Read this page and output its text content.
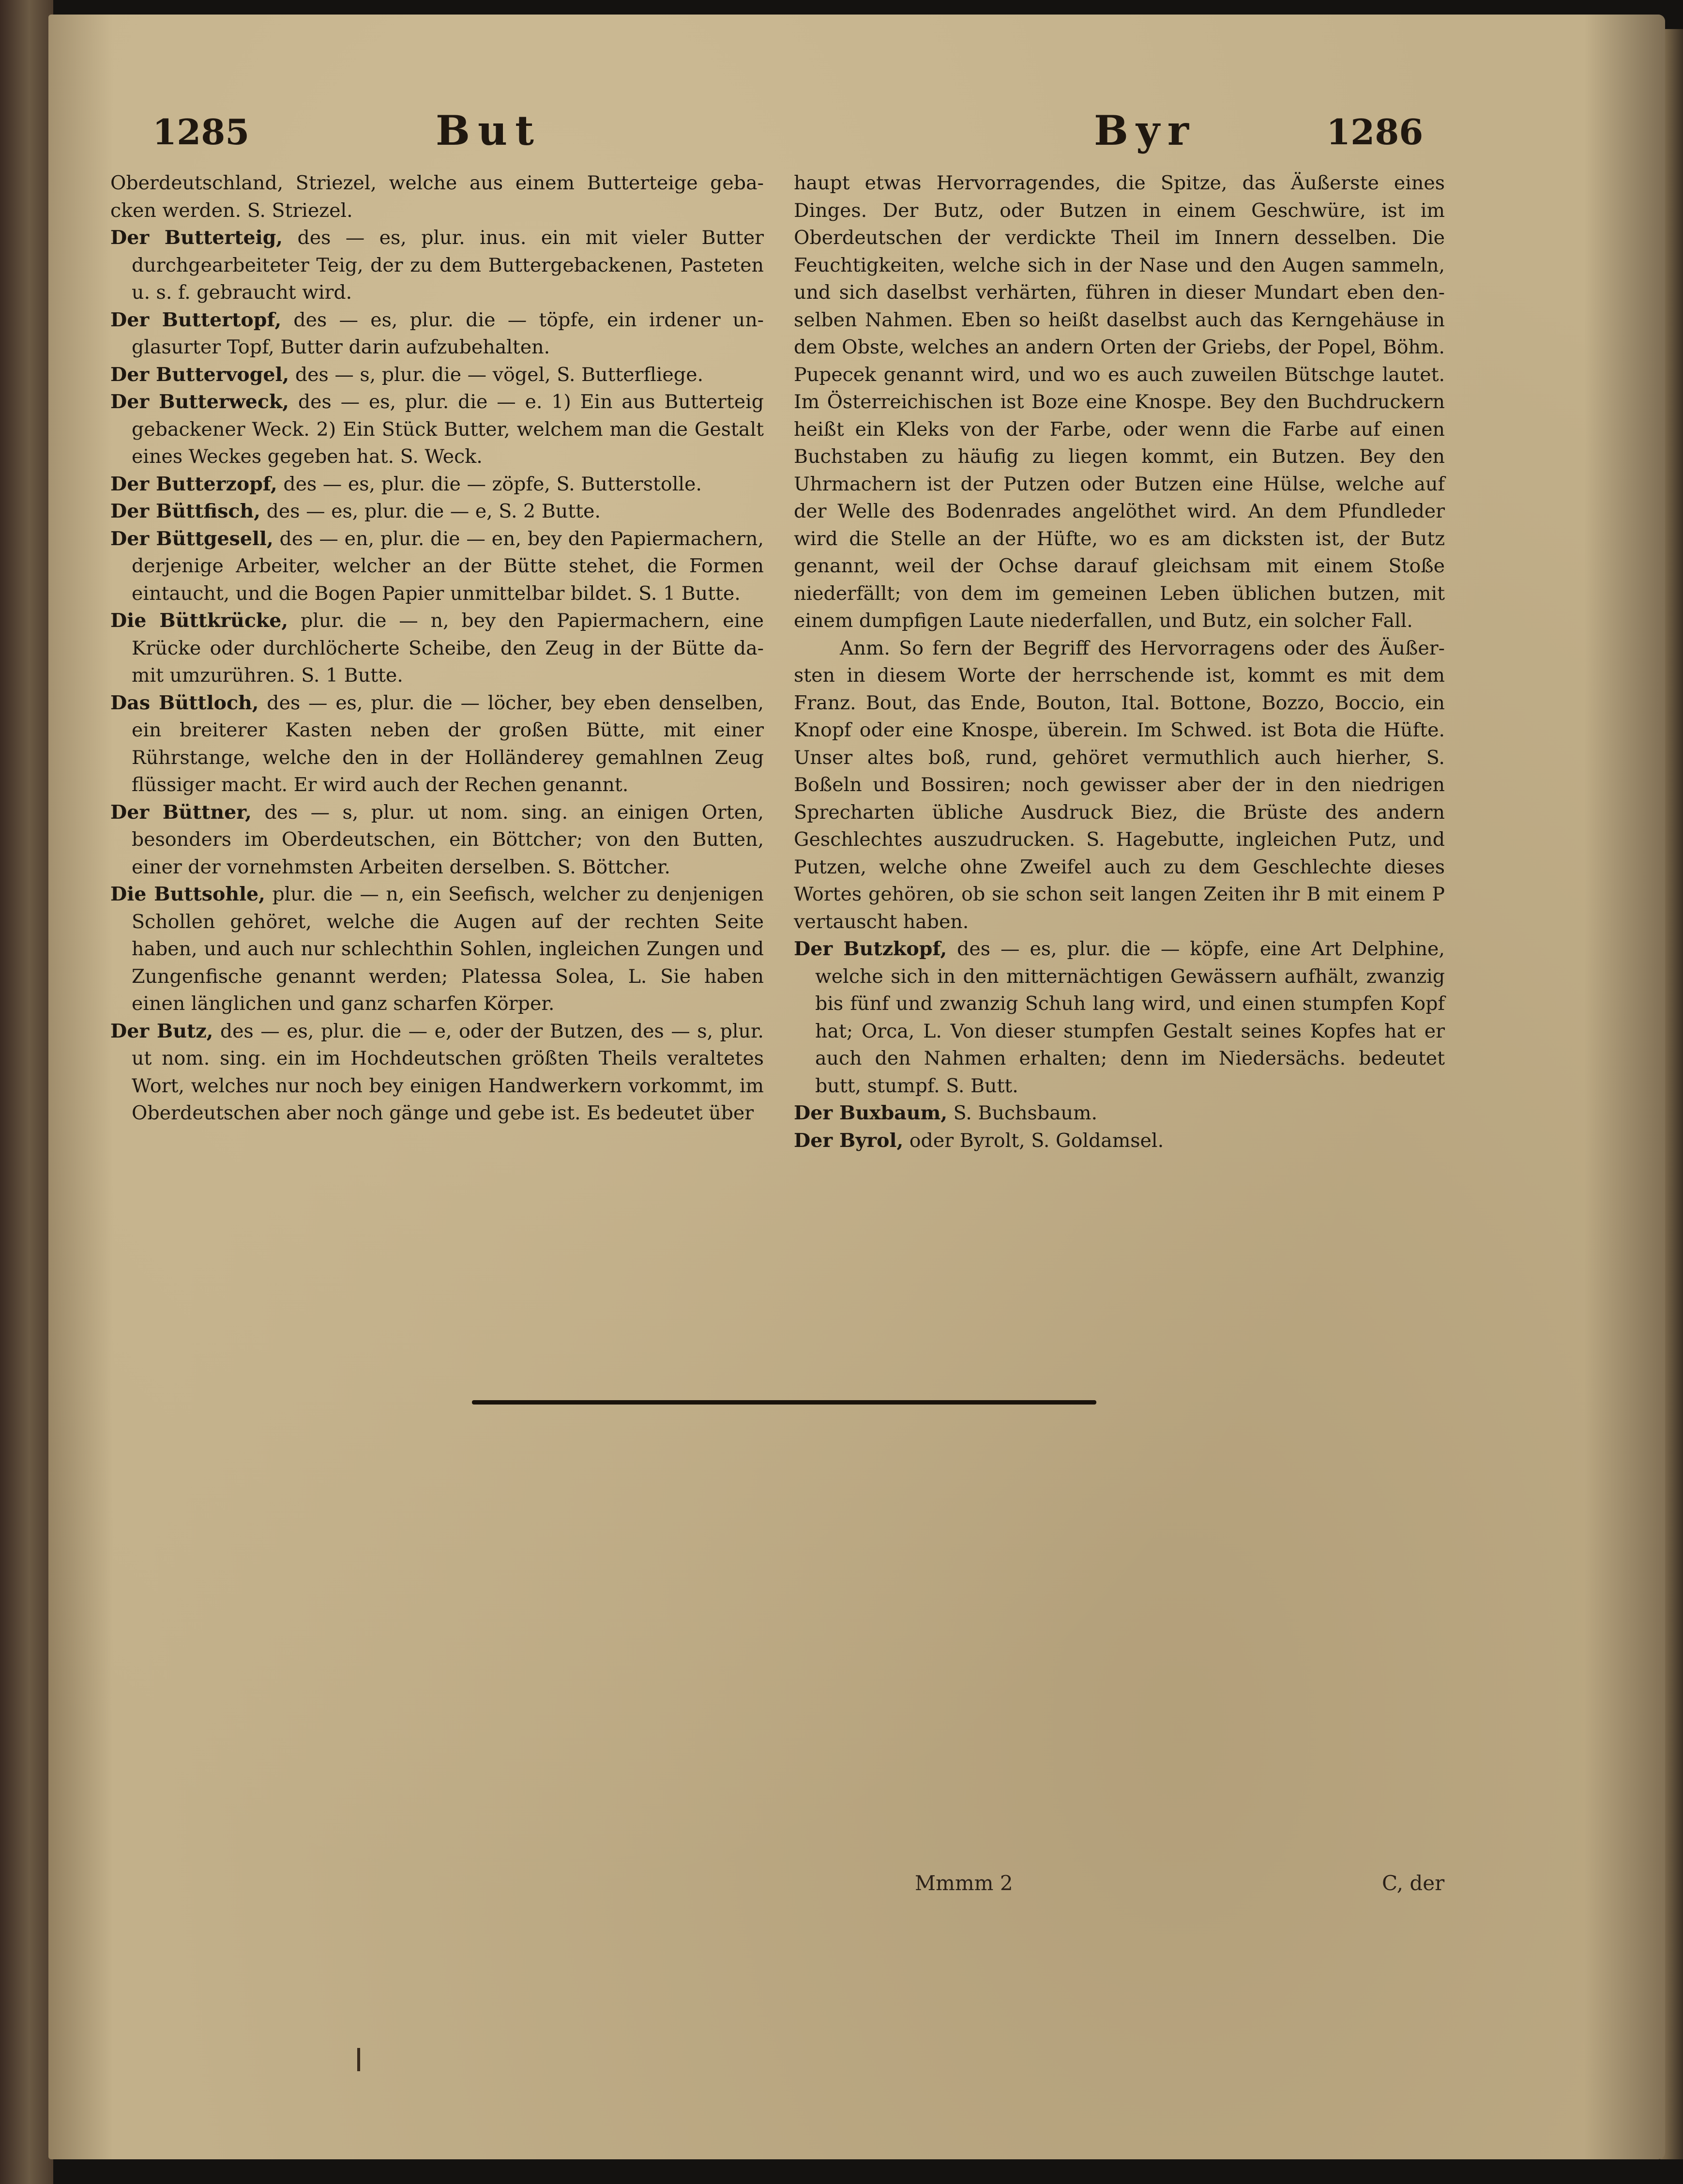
1285	But	Byr	1286

Oberdeutschland, Striezel, welche aus einem Butterteige gebacken werden. S. Striezel.

Der Butterteig, des — es, plur. inus. ein mit vieler Butter durchgearbeiteter Teig, der zu dem Buttergebackenen, Pasteten u. s. f. gebraucht wird.

Der Buttertopf, des — es, plur. die — töpfe, ein irdener unglasurter Topf, Butter darin aufzubehalten.

Der Buttervogel, des — s, plur. die — vögel, S. Butterfliege.

Der Butterweck, des — es, plur. die — e. 1) Ein aus Butterteig gebackener Weck. 2) Ein Stück Butter, welchem man die Gestalt eines Weckes gegeben hat. S. Weck.

Der Butterzopf, des — es, plur. die — zöpfe, S. Butterstolle.

Der Büttfisch, des — es, plur. die — e, S. 2 Butte.

Der Büttgesell, des — en, plur. die — en, bey den Papiermachern, derjenige Arbeiter, welcher an der Bütte stehet, die Formen eintaucht, und die Bogen Papier unmittelbar bildet. S. 1 Butte.

Die Büttkrücke, plur. die — n, bey den Papiermachern, eine Krücke oder durchlöcherte Scheibe, den Zeug in der Bütte damit umzurühren. S. 1 Butte.

Das Büttloch, des — es, plur. die — löcher, bey eben denselben, ein breiterer Kasten neben der großen Bütte, mit einer Rührstange, welche den in der Holländerey gemahlnen Zeug flüssiger macht. Er wird auch der Rechen genannt.

Der Büttner, des — s, plur. ut nom. sing. an einigen Orten, besonders im Oberdeutschen, ein Böttcher; von den Butten, einer der vornehmsten Arbeiten derselben. S. Böttcher.

Die Buttsohle, plur. die — n, ein Seefisch, welcher zu denjenigen Schollen gehöret, welche die Augen auf der rechten Seite haben, und auch nur schlechthin Sohlen, ingleichen Zungen und Zungenfische genannt werden; Platessa Solea, L. Sie haben einen länglichen und ganz scharfen Körper.

Der Butz, des — es, plur. die — e, oder der Butzen, des — s, plur. ut nom. sing. ein im Hochdeutschen größten Theils veraltetes Wort, welches nur noch bey einigen Handwerkern vorkommt, im Oberdeutschen aber noch gänge und gebe ist. Es bedeutet über

haupt etwas Hervorragendes, die Spitze, das Äußerste eines Dinges. Der Butz, oder Butzen in einem Geschwüre, ist im Oberdeutschen der verdickte Theil im Innern desselben. Die Feuchtigkeiten, welche sich in der Nase und den Augen sammeln, und sich daselbst verhärten, führen in dieser Mundart eben denselben Nahmen. Eben so heißt daselbst auch das Kerngehäuse in dem Obste, welches an andern Orten der Griebs, der Popel, Böhm. Pupecek genannt wird, und wo es auch zuweilen Bütschge lautet. Im Österreichischen ist Boze eine Knospe. Bey den Buchdruckern heißt ein Kleks von der Farbe, oder wenn die Farbe auf einen Buchstaben zu häufig zu liegen kommt, ein Butzen. Bey den Uhrmachern ist der Putzen oder Butzen eine Hülse, welche auf der Welle des Bodenrades angelöthet wird. An dem Pfundleder wird die Stelle an der Hüfte, wo es am dicksten ist, der Butz genannt, weil der Ochse darauf gleichsam mit einem Stoße niederfällt; von dem im gemeinen Leben üblichen butzen, mit einem dumpfigen Laute niederfallen, und Butz, ein solcher Fall.

Anm. So fern der Begriff des Hervorragens oder des Äußersten in diesem Worte der herrschende ist, kommt es mit dem Franz. Bout, das Ende, Bouton, Ital. Bottone, Bozzo, Boccio, ein Knopf oder eine Knospe, überein. Im Schwed. ist Bota die Hüfte. Unser altes boß, rund, gehöret vermuthlich auch hierher, S. Boßeln und Bossiren; noch gewisser aber der in den niedrigen Sprecharten übliche Ausdruck Biez, die Brüste des andern Geschlechtes auszudrucken. S. Hagebutte, ingleichen Putz, und Putzen, welche ohne Zweifel auch zu dem Geschlechte dieses Wortes gehören, ob sie schon seit langen Zeiten ihr B mit einem P vertauscht haben.

Der Butzkopf, des — es, plur. die — köpfe, eine Art Delphine, welche sich in den mitternächtigen Gewässern aufhält, zwanzig bis fünf und zwanzig Schuh lang wird, und einen stumpfen Kopf hat; Orca, L. Von dieser stumpfen Gestalt seines Kopfes hat er auch den Nahmen erhalten; denn im Niedersächs. bedeutet butt, stumpf. S. Butt.

Der Buxbaum, S. Buchsbaum.

Der Byrol, oder Byrolt, S. Goldamsel.

Mmmm 2	C, der
